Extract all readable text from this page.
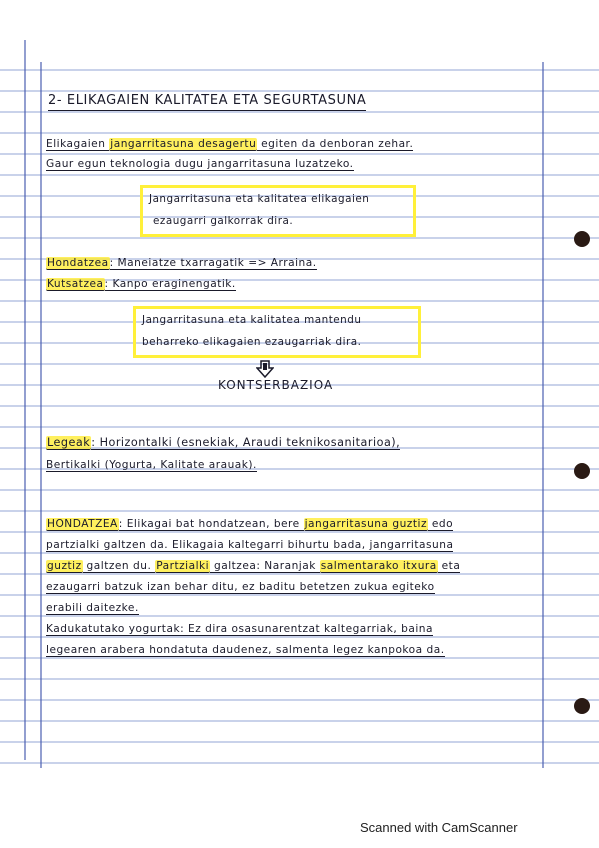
2- ELIKAGAIEN KALITATEA ETA SEGURTASUNA
Elikagaien jangarritasuna desagertu egiten da denboran zehar.
Gaur egun teknologia dugu jangarritasuna luzatzeko.
Jangarritasuna eta kalitatea elikagaien
ezaugarri galkorrak dira.
Hondatzea: Maneiatze txarragatik => Arraina.
Kutsatzea: Kanpo eraginengatik.
Jangarritasuna eta kalitatea mantendu
beharreko elikagaien ezaugarriak dira.
KONTSERBAZIOA
Legeak: Horizontalki (esnekiak, Araudi teknikosanitarioa),
Bertikalki (Yogurta, Kalitate arauak).
HONDATZEA: Elikagai bat hondatzean, bere jangarritasuna guztiz edo
partzialki galtzen da. Elikagaia kaltegarri bihurtu bada, jangarritasuna
guztiz galtzen du. Partzialki galtzea: Naranjak salmentarako itxura eta
ezaugarri batzuk izan behar ditu, ez baditu betetzen zukua egiteko
erabili daitezke.
Kadukatutako yogurtak: Ez dira osasunarentzat kaltegarriak, baina
legearen arabera hondatuta daudenez, salmenta legez kanpokoa da.
Scanned with CamScanner
